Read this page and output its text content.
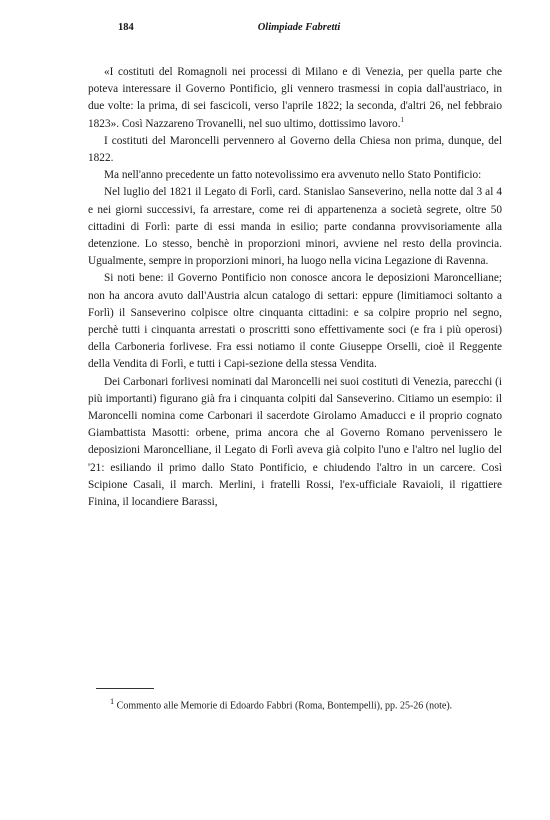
184	Olimpiade Fabretti

«I costituti del Romagnoli nei processi di Milano e di Venezia, per quella parte che poteva interessare il Governo Pontificio, gli vennero trasmessi in copia dall'austriaco, in due volte: la prima, di sei fascicoli, verso l'aprile 1822; la seconda, d'altri 26, nel febbraio 1823». Così Nazzareno Trovanelli, nel suo ultimo, dottissimo lavoro.$^1$

I costituti del Maroncelli pervennero al Governo della Chiesa non prima, dunque, del 1822.

Ma nell'anno precedente un fatto notevolissimo era avvenuto nello Stato Pontificio:

Nel luglio del 1821 il Legato di Forlì, card. Stanislao Sanseverino, nella notte dal 3 al 4 e nei giorni successivi, fa arrestare, come rei di appartenenza a società segrete, oltre 50 cittadini di Forlì: parte di essi manda in esilio; parte condanna provvisoriamente alla detenzione. Lo stesso, benchè in proporzioni minori, avviene nel resto della provincia. Ugualmente, sempre in proporzioni minori, ha luogo nella vicina Legazione di Ravenna.

Si noti bene: il Governo Pontificio non conosce ancora le deposizioni Maroncelliane; non ha ancora avuto dall'Austria alcun catalogo di settari: eppure (limitiamoci soltanto a Forlì) il Sanseverino colpisce oltre cinquanta cittadini: e sa colpire proprio nel segno, perchè tutti i cinquanta arrestati o proscritti sono effettivamente soci (e fra i più operosi) della Carboneria forlivese. Fra essi notiamo il conte Giuseppe Orselli, cioè il Reggente della Vendita di Forlì, e tutti i Capi-sezione della stessa Vendita.

Dei Carbonari forlivesi nominati dal Maroncelli nei suoi costituti di Venezia, parecchi (i più importanti) figurano già fra i cinquanta colpiti dal Sanseverino. Citiamo un esempio: il Maroncelli nomina come Carbonari il sacerdote Girolamo Amaducci e il proprio cognato Giambattista Masotti: orbene, prima ancora che al Governo Romano pervenissero le deposizioni Maroncelliane, il Legato di Forlì aveva già colpito l'uno e l'altro nel luglio del '21: esiliando il primo dallo Stato Pontificio, e chiudendo l'altro in un carcere. Così Scipione Casali, il march. Merlini, i fratelli Rossi, l'ex-ufficiale Ravaioli, il rigattiere Finina, il locandiere Barassi,

$^1$ Commento alle Memorie di Edoardo Fabbri (Roma, Bontempelli), pp. 25-26 (note).
